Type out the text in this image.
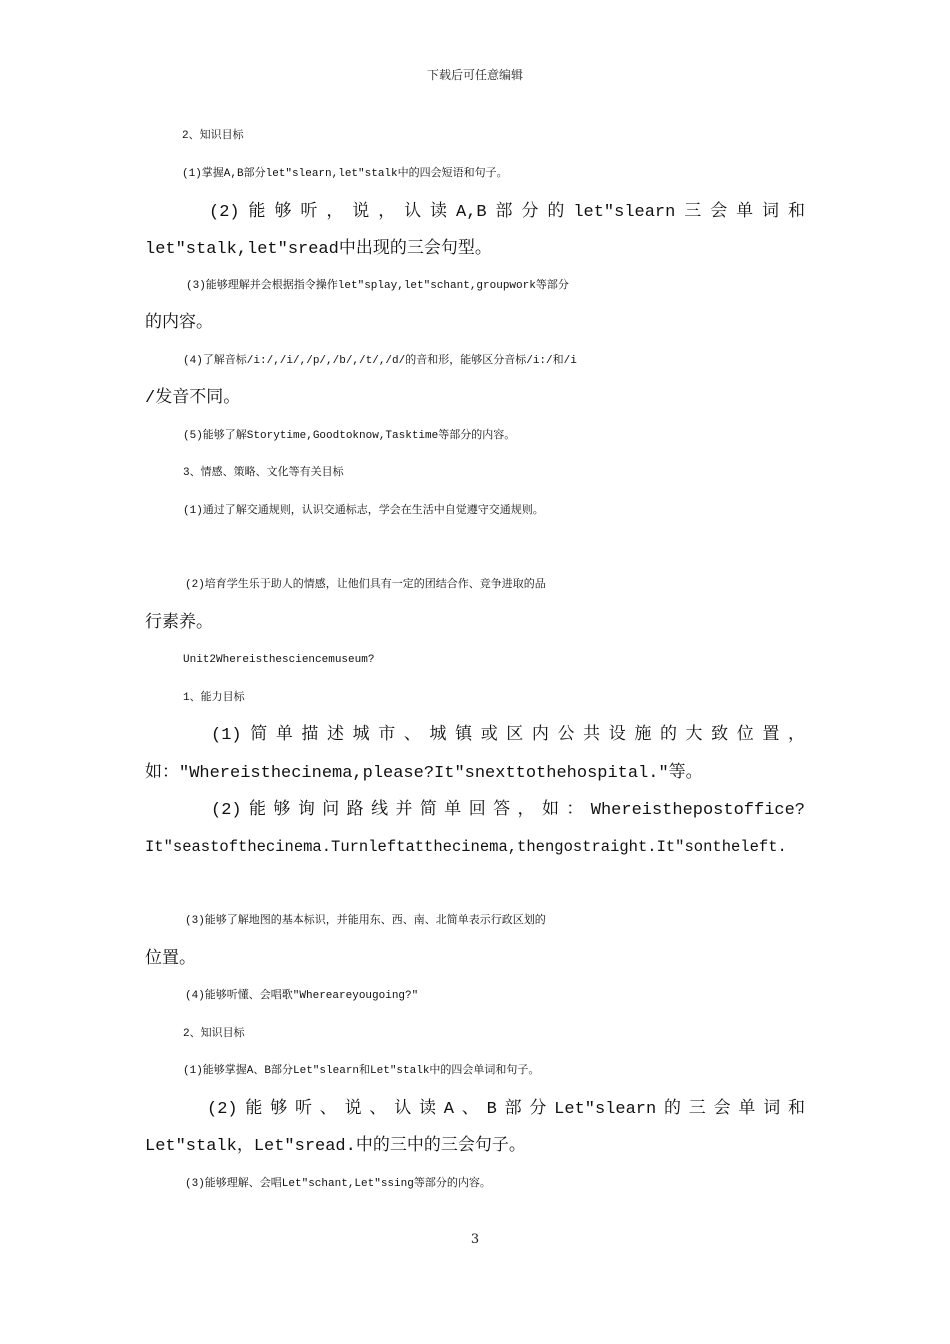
下载后可任意编辑
2、知识目标
(1)掌握A,B部分let"slearn,let"stalk中的四会短语和句子。
(2)能够听，说，认读A,B部分的let"slearn三会单词和
let"stalk,let"sread中出现的三会句型。
(3)能够理解并会根据指令操作let"splay,let"schant,groupwork等部分
的内容。
(4)了解音标/i:/,/i/,/p/,/b/,/t/,/d/的音和形，能够区分音标/i:/和/i
/发音不同。
(5)能够了解Storytime,Goodtoknow,Tasktime等部分的内容。
3、情感、策略、文化等有关目标
(1)通过了解交通规则，认识交通标志，学会在生活中自觉遵守交通规则。
(2)培育学生乐于助人的情感，让他们具有一定的团结合作、竞争进取的品
行素养。
Unit2Whereisthesciencemuseum?
1、能力目标
(1)简单描述城市、城镇或区内公共设施的大致位置，
如："Whereisthecinema,please?It"snexttothehospital."等。
(2)能够询问路线并简单回答，如：Whereisthepostoffice?
It"seastofthecinema.Turnleftatthecinema,thengostraight.It"sontheleft.
(3)能够了解地图的基本标识，并能用东、西、南、北简单表示行政区划的
位置。
(4)能够听懂、会唱歌"Whereareyougoing?"
2、知识目标
(1)能够掌握A、B部分Let"slearn和Let"stalk中的四会单词和句子。
(2)能够听、说、认读A、B部分Let"slearn的三会单词和
Let"stalk，Let"sread.中的三中的三会句子。
(3)能够理解、会唱Let"schant,Let"ssing等部分的内容。
3
